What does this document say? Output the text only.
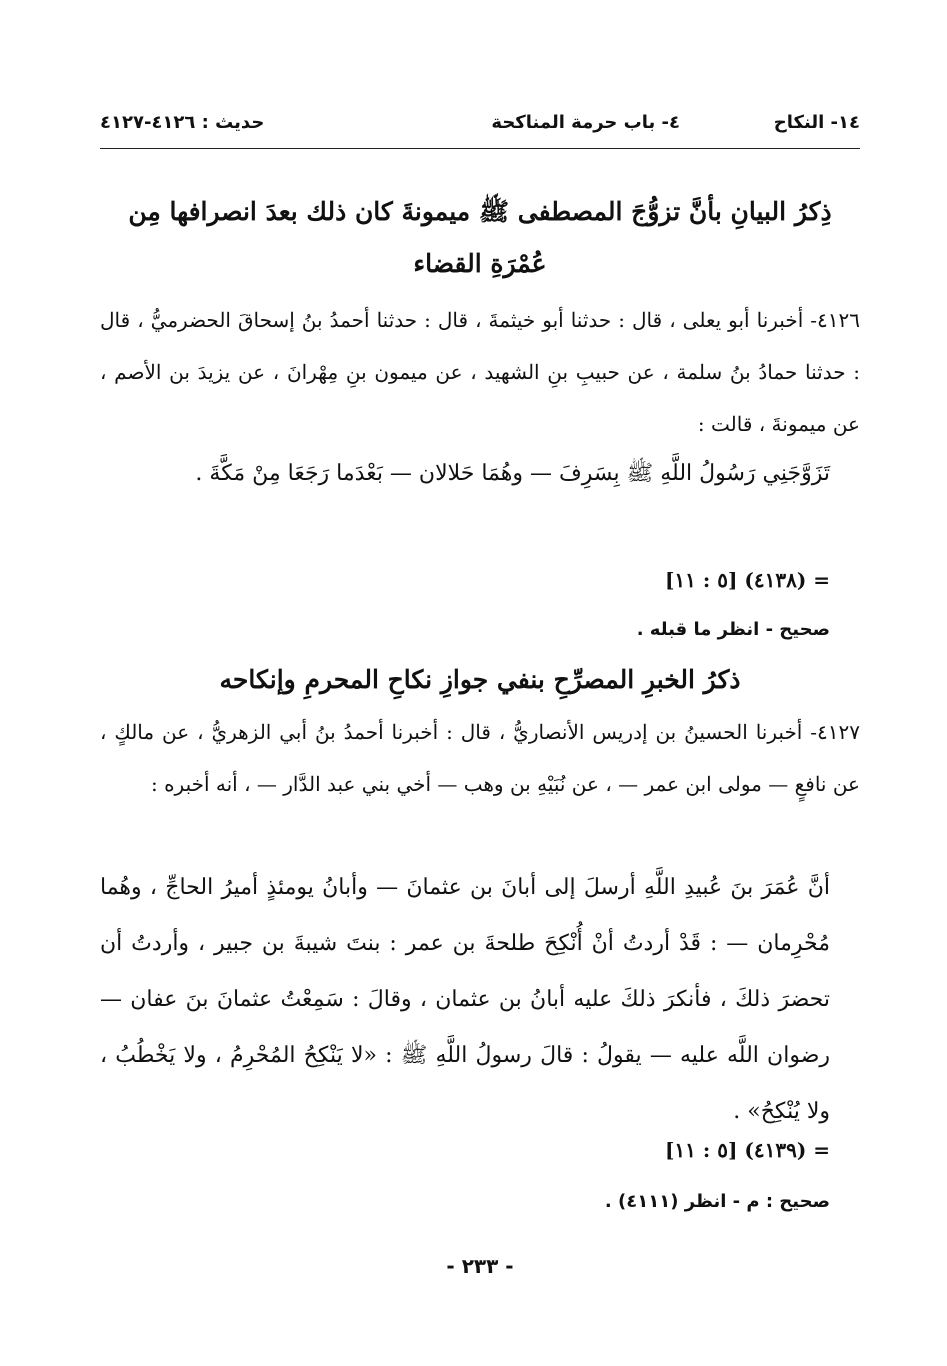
١٤- النكاح
٤- باب حرمة المناكحة
حديث : ٤١٢٦-٤١٢٧
ذِكرُ البيانِ بأنَّ تزوُّجَ المصطفى ﷺ ميمونةَ كان ذلك بعدَ انصرافها مِن عُمْرَةِ القضاء
٤١٢٦- أخبرنا أبو يعلى ، قال : حدثنا أبو خيثمةَ ، قال : حدثنا أحمدُ بنُ إسحاقَ الحضرميُّ ، قال : حدثنا حمادُ بنُ سلمة ، عن حبيبِ بنِ الشهيد ، عن ميمون بنِ مِهْرانَ ، عن يزيدَ بن الأصم ، عن ميمونةَ ، قالت :
تَزَوَّجَنِي رَسُولُ اللَّهِ ﷺ بِسَرِفَ — وهُمَا حَلالان — بَعْدَما رَجَعَا مِنْ مَكَّةَ .
= (٤١٣٨) [٥ : ١١]
صحيح - انظر ما قبله .
ذكرُ الخبرِ المصرِّحِ بنفي جوازِ نكاحِ المحرمِ وإنكاحه
٤١٢٧- أخبرنا الحسينُ بن إدريس الأنصاريُّ ، قال : أخبرنا أحمدُ بنُ أبي الزهريُّ ، عن مالكٍ ، عن نافعٍ — مولى ابن عمر — ، عن نُبَيْهِ بن وهب — أخي بني عبد الدَّار — ، أنه أخبره :
أنَّ عُمَرَ بنَ عُبيدِ اللَّهِ أرسلَ إلى أبانَ بن عثمانَ — وأبانُ يومئذٍ أميرُ الحاجِّ ، وهُما مُحْرِمان — : قَدْ أردتُ أنْ أُنْكِحَ طلحةَ بن عمر : بنتَ شيبةَ بن جبير ، وأردتُ أن تحضرَ ذلكَ ، فأنكرَ ذلكَ عليه أبانُ بن عثمان ، وقالَ : سَمِعْتُ عثمانَ بنَ عفان — رضوان اللَّه عليه — يقولُ : قالَ رسولُ اللَّهِ ﷺ : «لا يَنْكِحُ المُحْرِمُ ، ولا يَخْطُبُ ، ولا يُنْكِحُ» .
= (٤١٣٩) [٥ : ١١]
صحيح : م - انظر (٤١١١) .
- ٢٣٣ -
